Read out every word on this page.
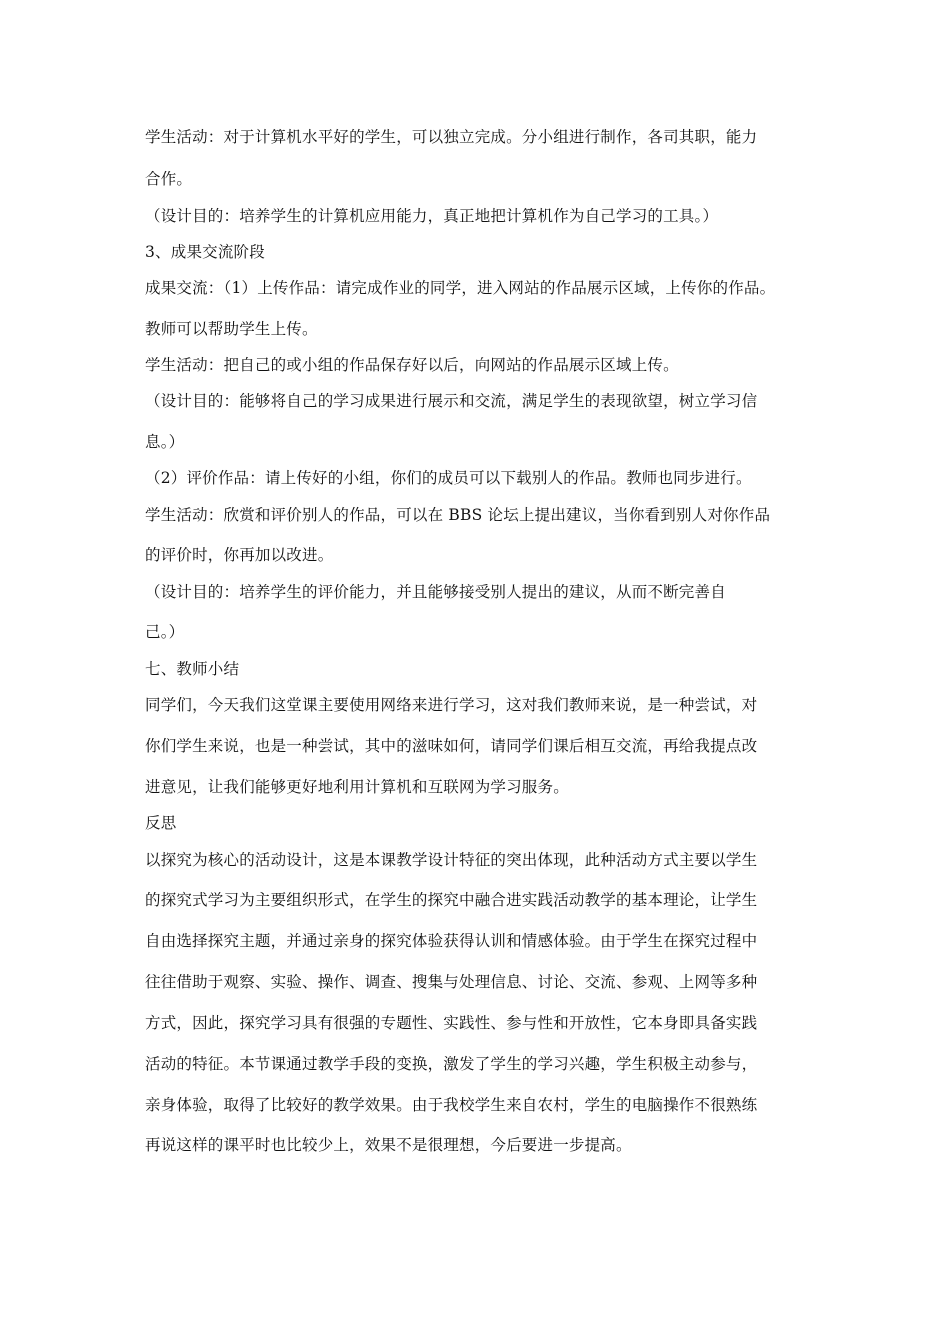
学生活动：对于计算机水平好的学生，可以独立完成。分小组进行制作，各司其职，能力
合作。
（设计目的：培养学生的计算机应用能力，真正地把计算机作为自己学习的工具。）
3、成果交流阶段
成果交流：（1）上传作品：请完成作业的同学，进入网站的作品展示区域，上传你的作品。
教师可以帮助学生上传。
学生活动：把自己的或小组的作品保存好以后，向网站的作品展示区域上传。
（设计目的：能够将自己的学习成果进行展示和交流，满足学生的表现欲望，树立学习信
息。）
（2）评价作品：请上传好的小组，你们的成员可以下载别人的作品。教师也同步进行。
学生活动：欣赏和评价别人的作品，可以在 BBS 论坛上提出建议，当你看到别人对你作品
的评价时，你再加以改进。
（设计目的：培养学生的评价能力，并且能够接受别人提出的建议，从而不断完善自
己。）
七、教师小结
同学们，今天我们这堂课主要使用网络来进行学习，这对我们教师来说，是一种尝试，对
你们学生来说，也是一种尝试，其中的滋味如何，请同学们课后相互交流，再给我提点改
进意见，让我们能够更好地利用计算机和互联网为学习服务。
反思
以探究为核心的活动设计，这是本课教学设计特征的突出体现，此种活动方式主要以学生
的探究式学习为主要组织形式，在学生的探究中融合进实践活动教学的基本理论，让学生
自由选择探究主题，并通过亲身的探究体验获得认训和情感体验。由于学生在探究过程中
往往借助于观察、实验、操作、调查、搜集与处理信息、讨论、交流、参观、上网等多种
方式，因此，探究学习具有很强的专题性、实践性、参与性和开放性，它本身即具备实践
活动的特征。本节课通过教学手段的变换，激发了学生的学习兴趣，学生积极主动参与，
亲身体验，取得了比较好的教学效果。由于我校学生来自农村，学生的电脑操作不很熟练
再说这样的课平时也比较少上，效果不是很理想，今后要进一步提高。
